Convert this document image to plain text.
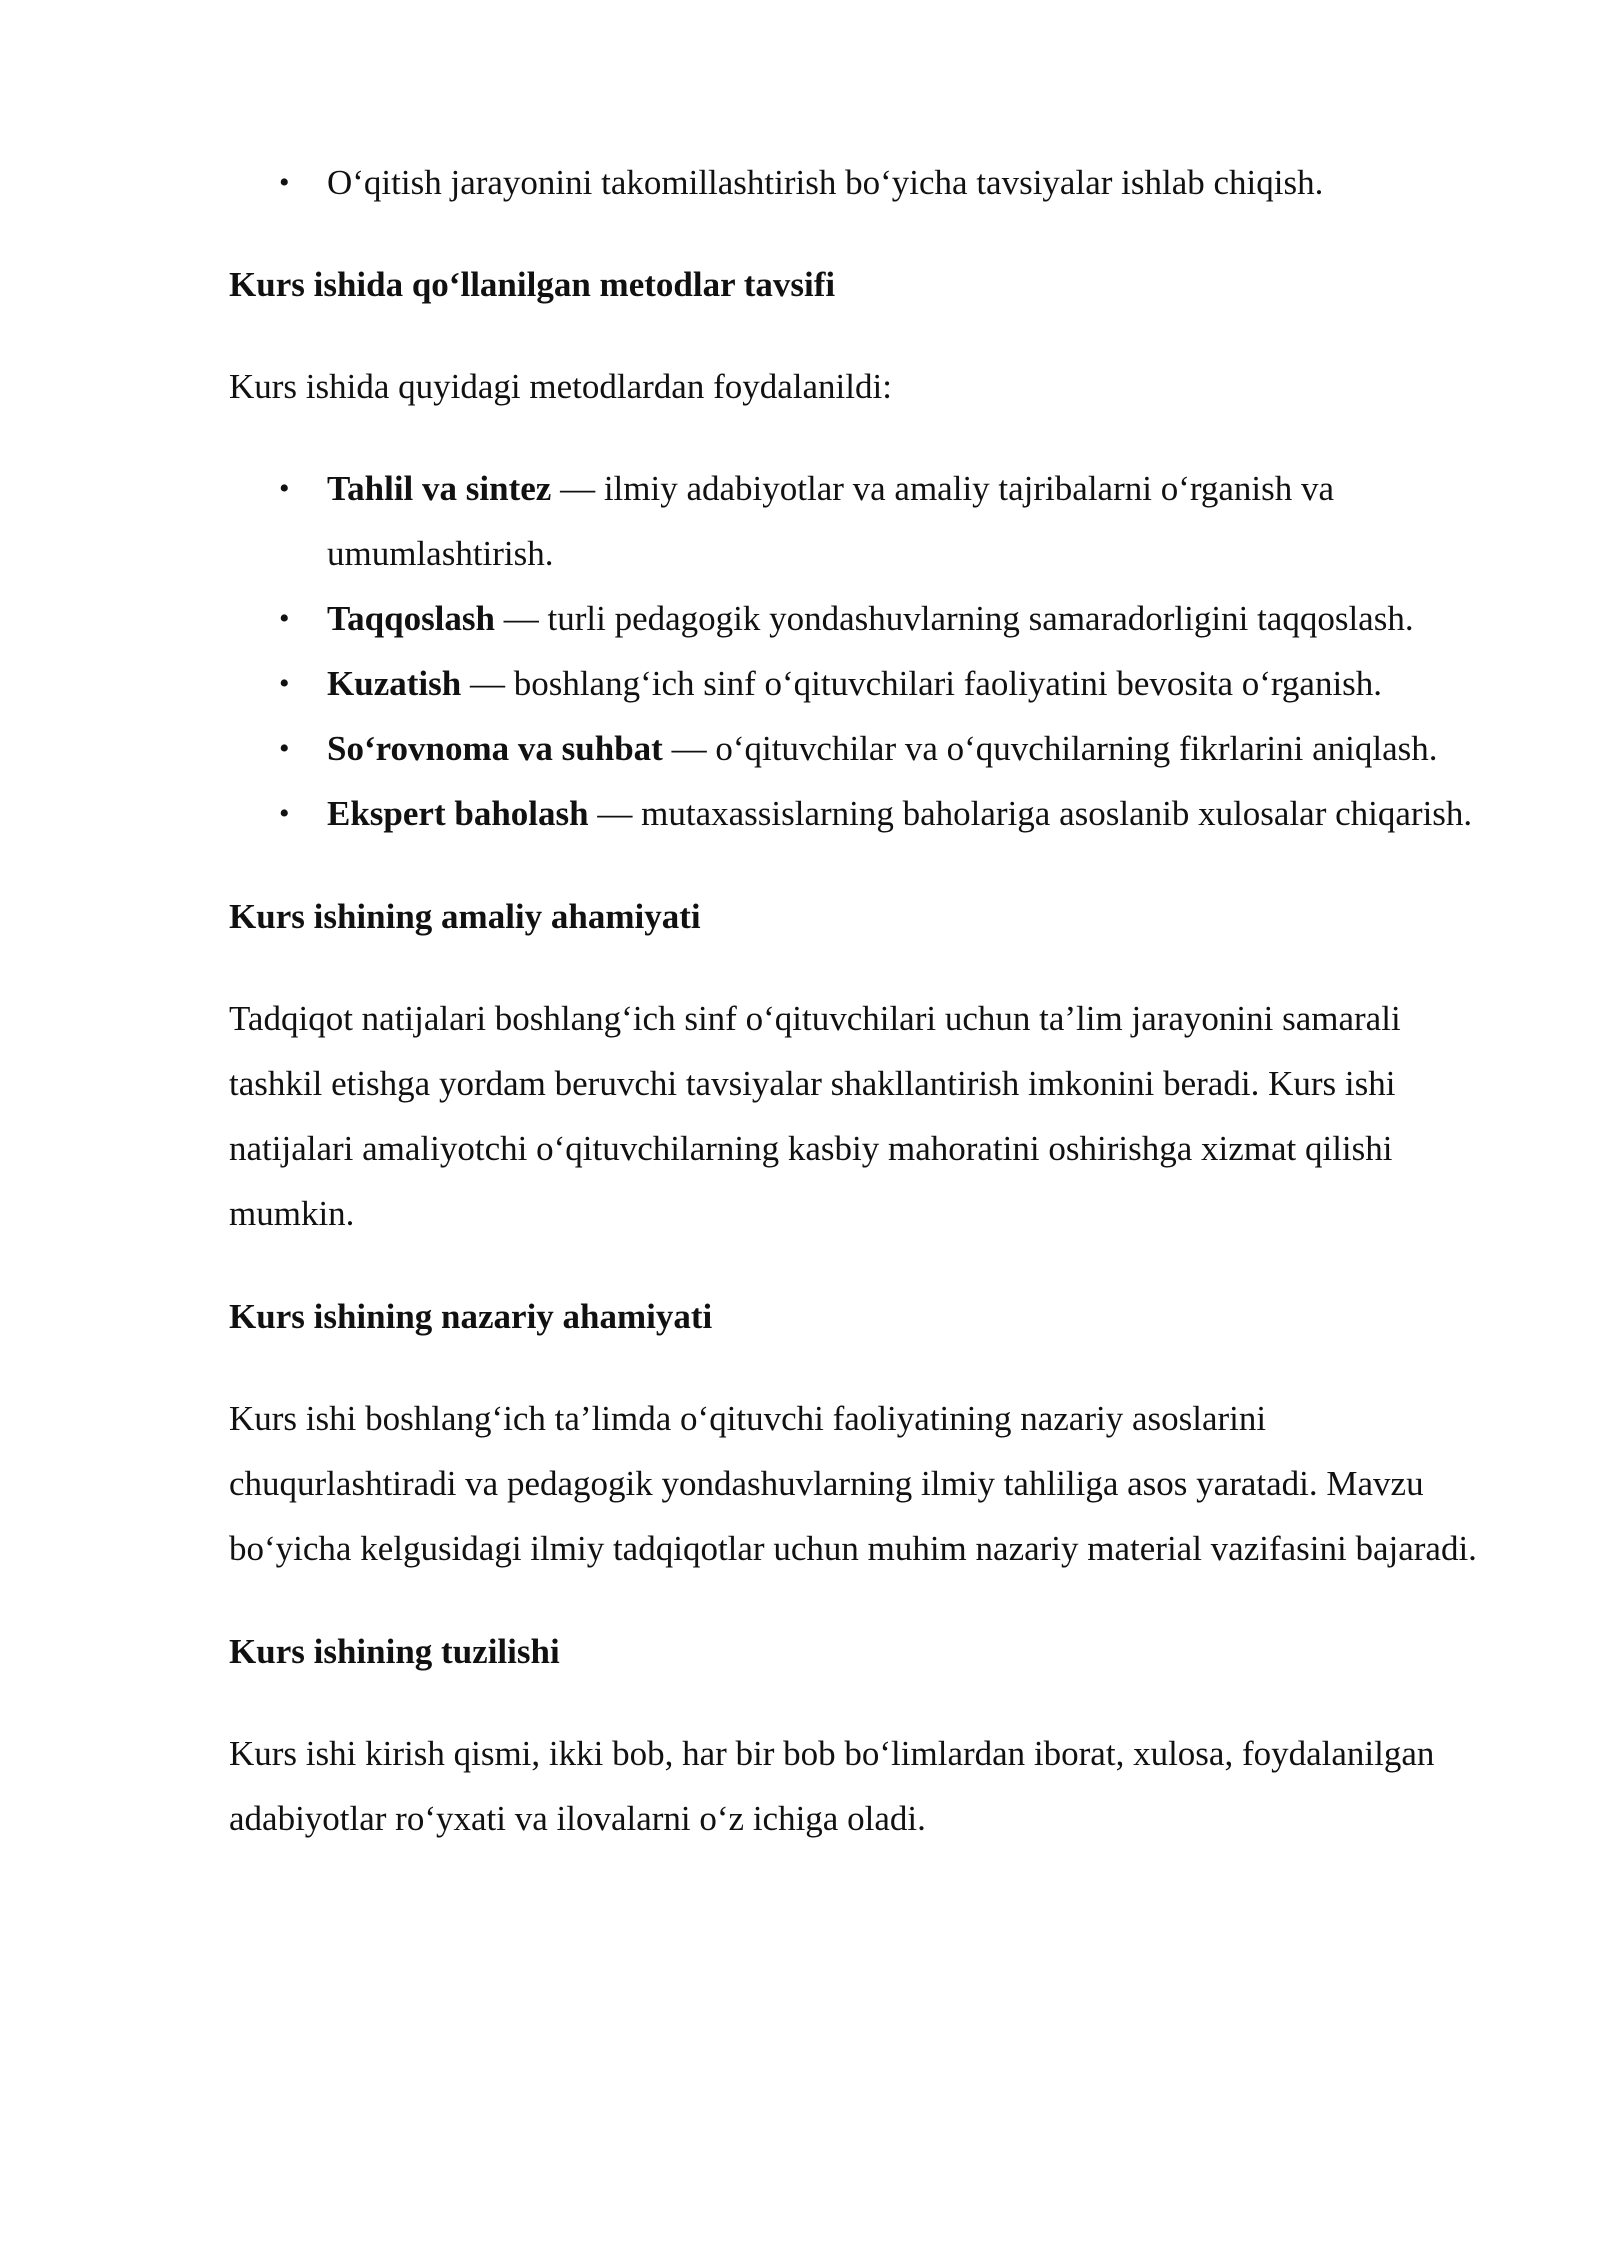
• O‘qitish jarayonini takomillashtirish bo‘yicha tavsiyalar ishlab chiqish.
Kurs ishida qo‘llanilgan metodlar tavsifi

Kurs ishida quyidagi metodlardan foydalanildi:

• Tahlil va sintez — ilmiy adabiyotlar va amaliy tajribalarni o‘rganish va umumlashtirish.
• Taqqoslash — turli pedagogik yondashuvlarning samaradorligini taqqoslash.
• Kuzatish — boshlang‘ich sinf o‘qituvchilari faoliyatini bevosita o‘rganish.
• So‘rovnoma va suhbat — o‘qituvchilar va o‘quvchilarning fikrlarini aniqlash.
• Ekspert baholash — mutaxassislarning baholariga asoslanib xulosalar chiqarish.
Kurs ishining amaliy ahamiyati

Tadqiqot natijalari boshlang‘ich sinf o‘qituvchilari uchun ta’lim jarayonini samarali tashkil etishga yordam beruvchi tavsiyalar shakllantirish imkonini beradi. Kurs ishi natijalari amaliyotchi o‘qituvchilarning kasbiy mahoratini oshirishga xizmat qilishi mumkin.

Kurs ishining nazariy ahamiyati

Kurs ishi boshlang‘ich ta’limda o‘qituvchi faoliyatining nazariy asoslarini chuqurlashtiradi va pedagogik yondashuvlarning ilmiy tahliliga asos yaratadi. Mavzu bo‘yicha kelgusidagi ilmiy tadqiqotlar uchun muhim nazariy material vazifasini bajaradi.

Kurs ishining tuzilishi

Kurs ishi kirish qismi, ikki bob, har bir bob bo‘limlardan iborat, xulosa, foydalanilgan adabiyotlar ro‘yxati va ilovalarni o‘z ichiga oladi.
